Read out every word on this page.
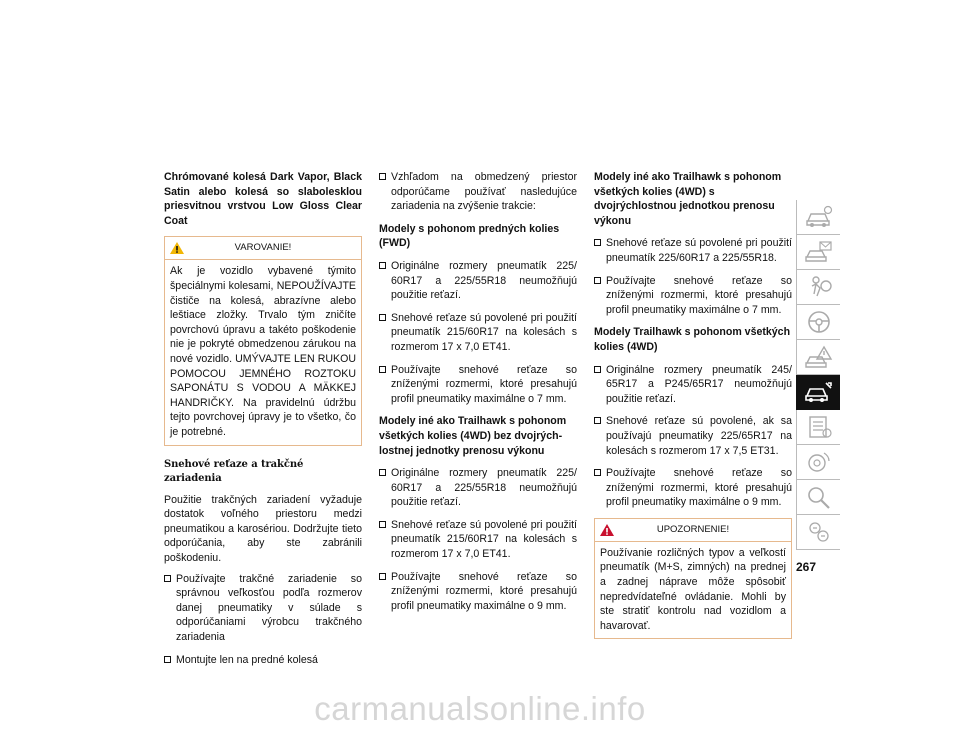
Chrómované kolesá Dark Vapor, Black Satin alebo kolesá so slabolesklou priesvitnou vrstvou Low Gloss Clear Coat
VAROVANIE!
Ak je vozidlo vybavené týmito špeciálnymi kolesami, NEPOUŽÍVAJTE čističe na kolesá, abrazívne alebo leštiace zložky. Trvalo tým zničíte povrchovú úpravu a takéto poškodenie nie je pokryté obmedzenou zárukou na nové vozidlo. UMÝVAJTE LEN RUKOU POMOCOU JEMNÉHO ROZTOKU SAPONÁTU S VODOU A MÄKKEJ HANDRIČKY. Na pravidelnú údržbu tejto povrchovej úpravy je to všetko, čo je potrebné.
Snehové reťaze a trakčné zariadenia
Použitie trakčných zariadení vyžaduje dostatok voľného priestoru medzi pneumatikou a karosériou. Dodržujte tieto odporúčania, aby ste zabránili poškodeniu.
Používajte trakčné zariadenie so správnou veľkosťou podľa rozmerov danej pneumatiky v súlade s odporúčaniami výrobcu trakčného zariadenia
Montujte len na predné kolesá
Vzhľadom na obmedzený priestor odporúčame používať nasledujúce zariadenia na zvýšenie trakcie:
Modely s pohonom predných kolies (FWD)
Originálne rozmery pneumatík 225/ 60R17 a 225/55R18 neumožňujú použitie reťazí.
Snehové reťaze sú povolené pri použití pneumatík 215/60R17 na kolesách s rozmerom 17 x 7,0 ET41.
Používajte snehové reťaze so zníženými rozmermi, ktoré presahujú profil pneumatiky maximálne o 7 mm.
Modely iné ako Trailhawk s pohonom všetkých kolies (4WD) bez dvojrýchlostnej jednotky prenosu výkonu
Originálne rozmery pneumatík 225/ 60R17 a 225/55R18 neumožňujú použitie reťazí.
Snehové reťaze sú povolené pri použití pneumatík 215/60R17 na kolesách s rozmerom 17 x 7,0 ET41.
Používajte snehové reťaze so zníženými rozmermi, ktoré presahujú profil pneumatiky maximálne o 9 mm.
Modely iné ako Trailhawk s pohonom všetkých kolies (4WD) s dvojrýchlostnou jednotkou prenosu výkonu
Snehové reťaze sú povolené pri použití pneumatík 225/60R17 a 225/55R18.
Používajte snehové reťaze so zníženými rozmermi, ktoré presahujú profil pneumatiky maximálne o 7 mm.
Modely Trailhawk s pohonom všetkých kolies (4WD)
Originálne rozmery pneumatík 245/ 65R17 a P245/65R17 neumožňujú použitie reťazí.
Snehové reťaze sú povolené, ak sa používajú pneumatiky 225/65R17 na kolesách s rozmerom 17 x 7,5 ET31.
Používajte snehové reťaze so zníženými rozmermi, ktoré presahujú profil pneumatiky maximálne o 9 mm.
UPOZORNENIE!
Používanie rozličných typov a veľkostí pneumatík (M+S, zimných) na prednej a zadnej náprave môže spôsobiť nepredvídateľné ovládanie. Mohli by ste stratiť kontrolu nad vozidlom a havarovať.
267
carmanualsonline.info
